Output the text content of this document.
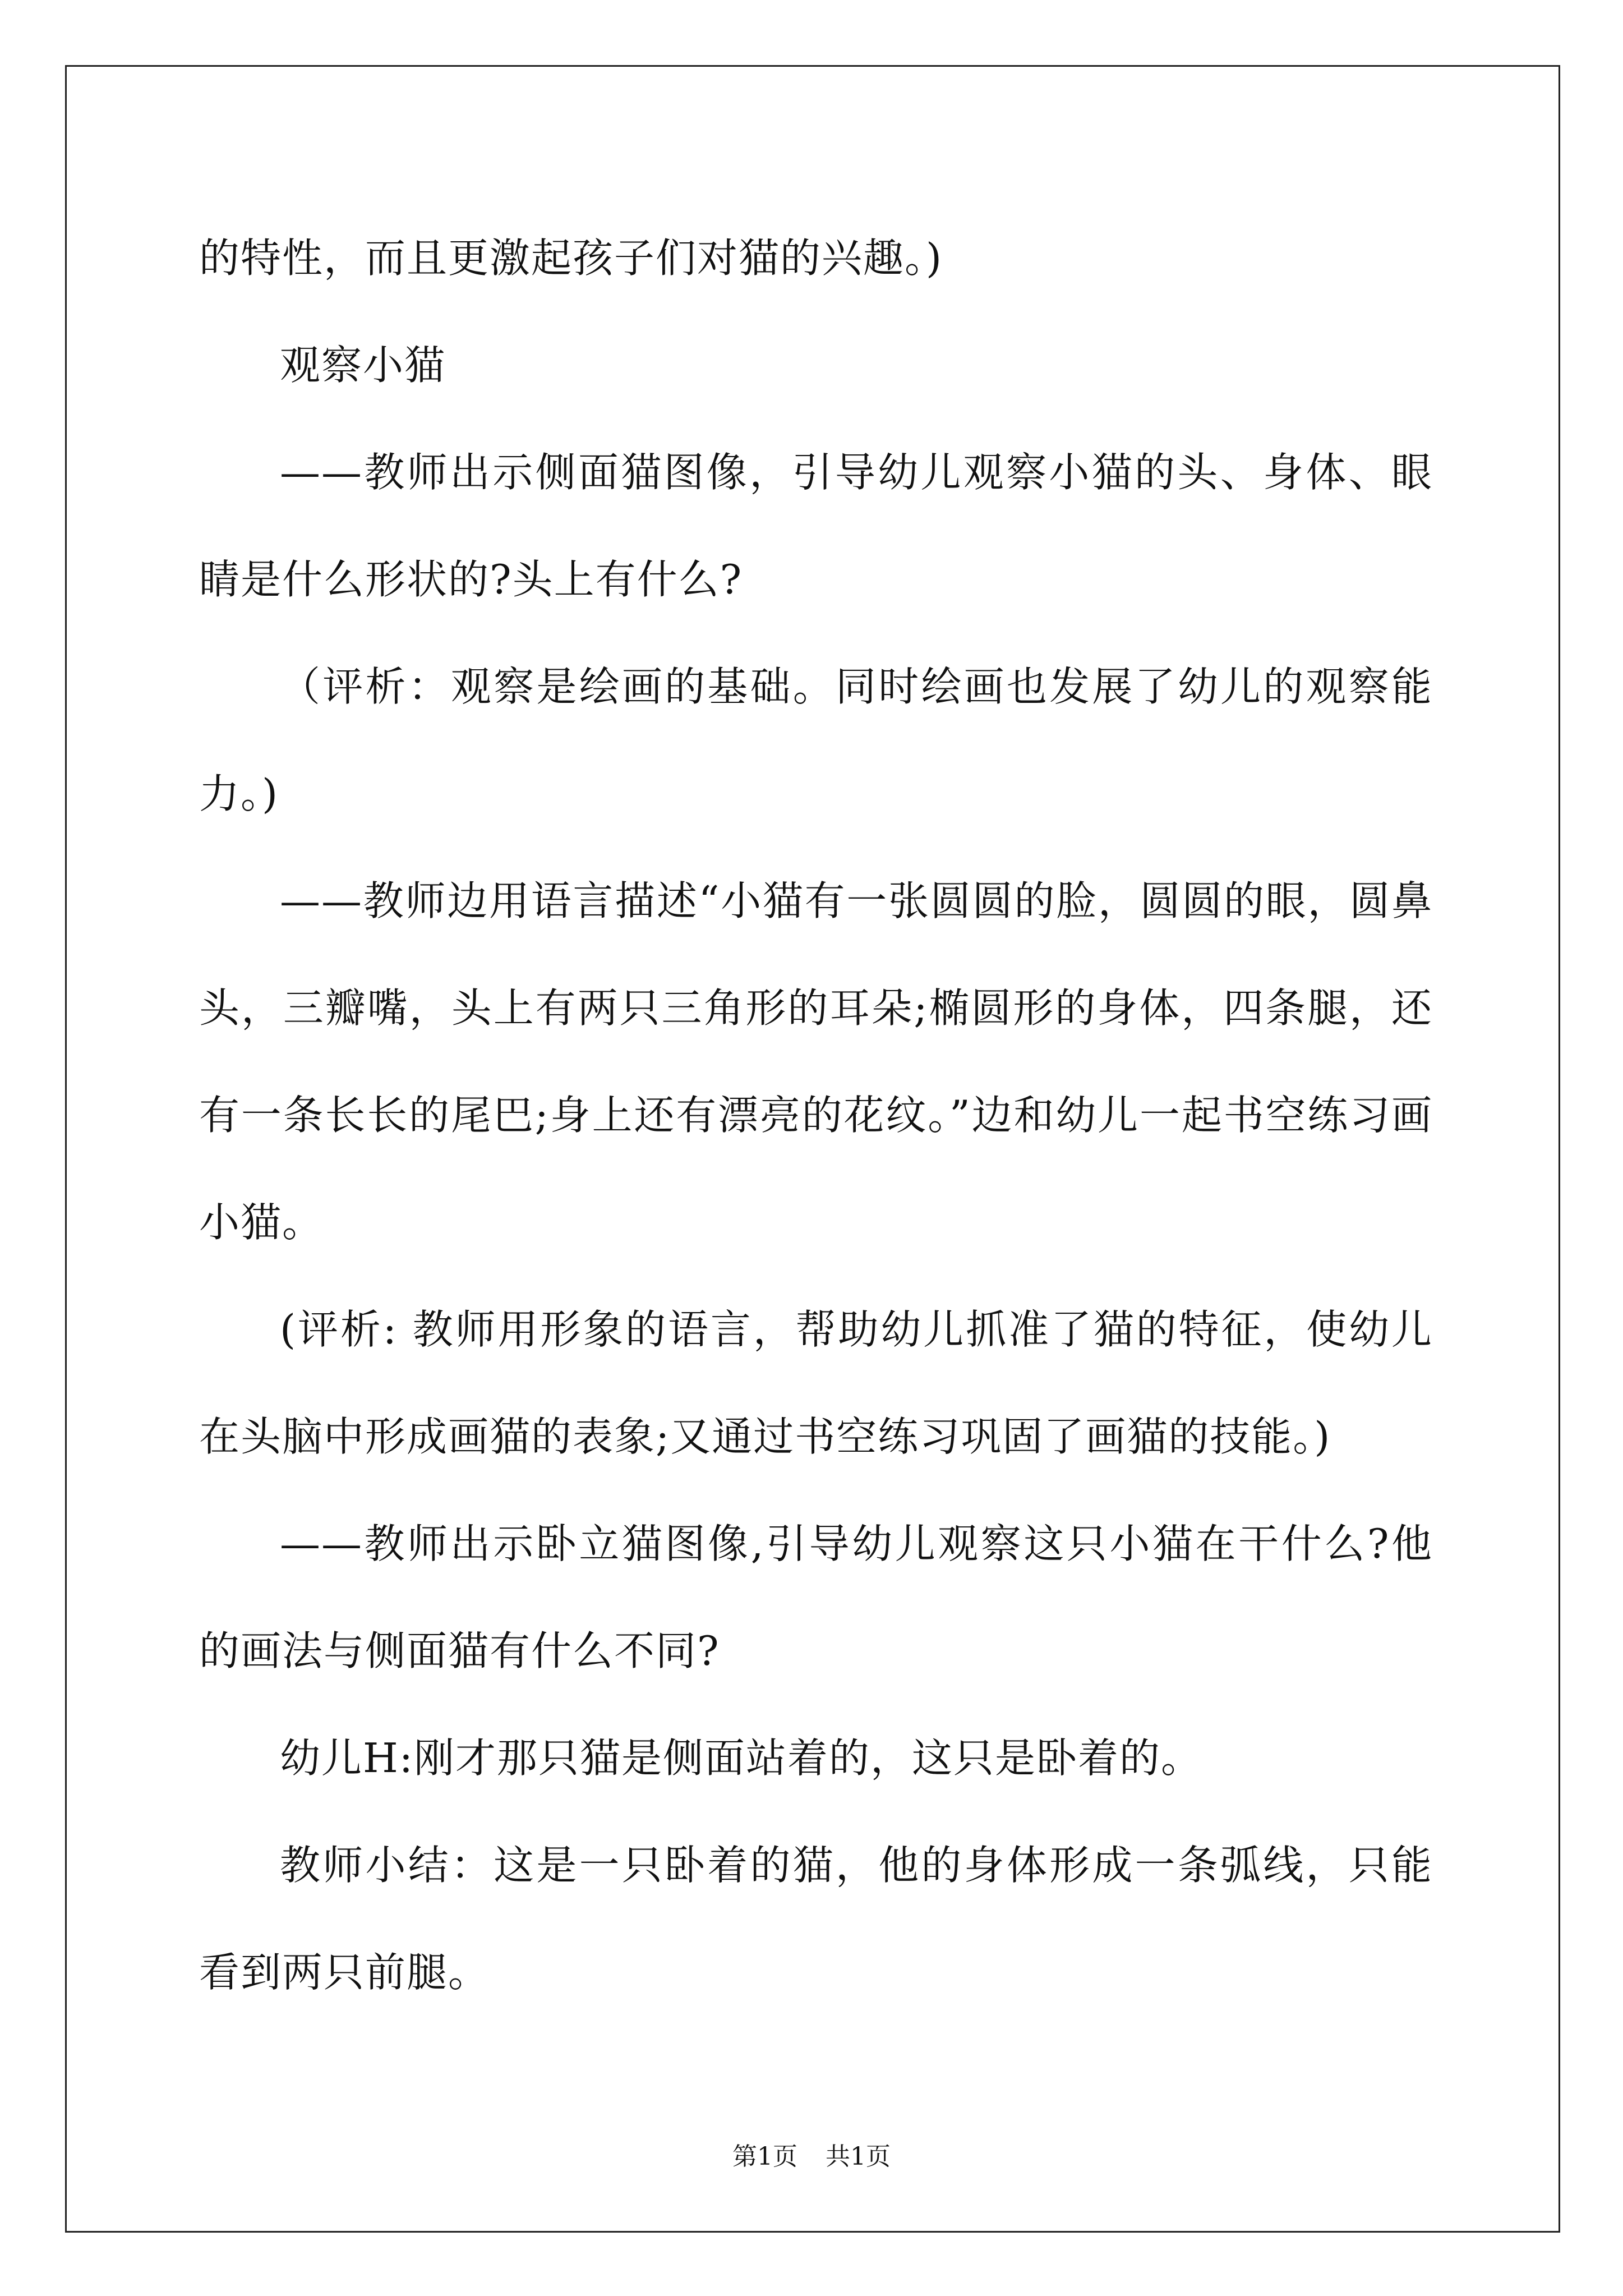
的特性，而且更激起孩子们对猫的兴趣。)

观察小猫

——教师出示侧面猫图像，引导幼儿观察小猫的头、身体、眼睛是什么形状的?头上有什么?

（评析：观察是绘画的基础。同时绘画也发展了幼儿的观察能力。)

——教师边用语言描述“小猫有一张圆圆的脸，圆圆的眼，圆鼻头，三瓣嘴，头上有两只三角形的耳朵;椭圆形的身体，四条腿，还有一条长长的尾巴;身上还有漂亮的花纹。”边和幼儿一起书空练习画小猫。

(评析: 教师用形象的语言，帮助幼儿抓准了猫的特征，使幼儿在头脑中形成画猫的表象;又通过书空练习巩固了画猫的技能。)

——教师出示卧立猫图像,引导幼儿观察这只小猫在干什么?他的画法与侧面猫有什么不同?

幼儿H:刚才那只猫是侧面站着的，这只是卧着的。

教师小结：这是一只卧着的猫，他的身体形成一条弧线，只能看到两只前腿。

第1页 共1页
